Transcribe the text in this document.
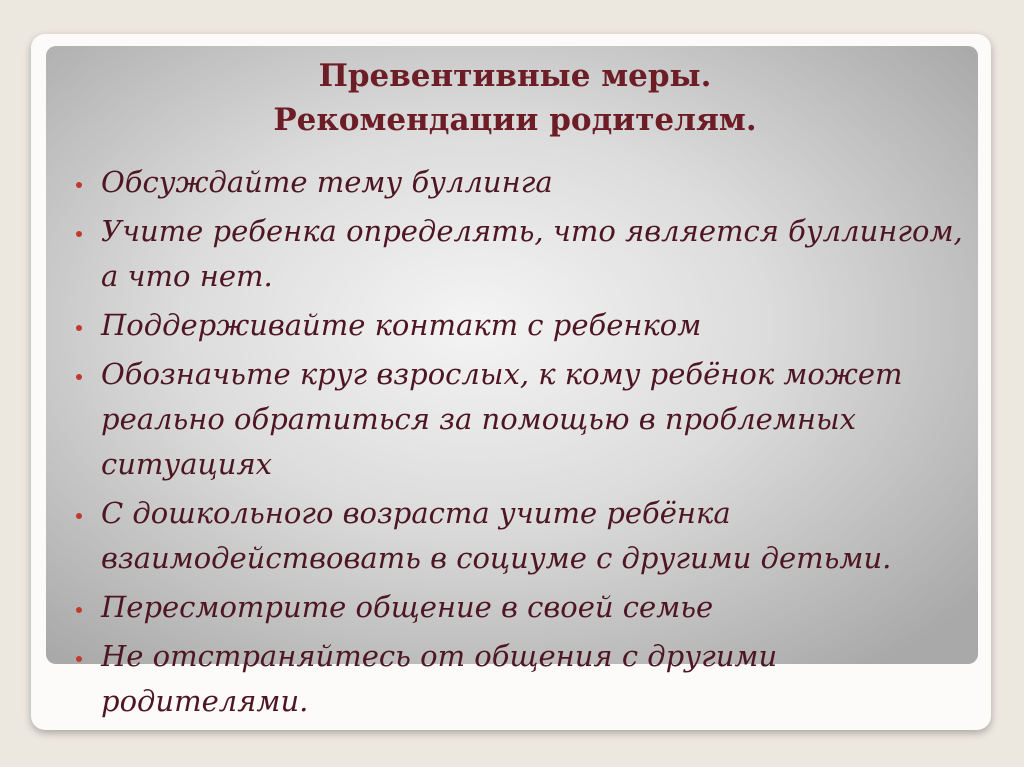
Превентивные меры.
Рекомендации родителям.
Обсуждайте тему буллинга
Учите ребенка определять, что является буллингом,
а что нет.
Поддерживайте контакт с ребенком
Обозначьте круг взрослых, к кому ребёнок может
реально обратиться за помощью в проблемных
ситуациях
С дошкольного возраста учите ребёнка
взаимодействовать в социуме с другими детьми.
Пересмотрите общение в своей семье
Не отстраняйтесь от общения с другими
родителями.
